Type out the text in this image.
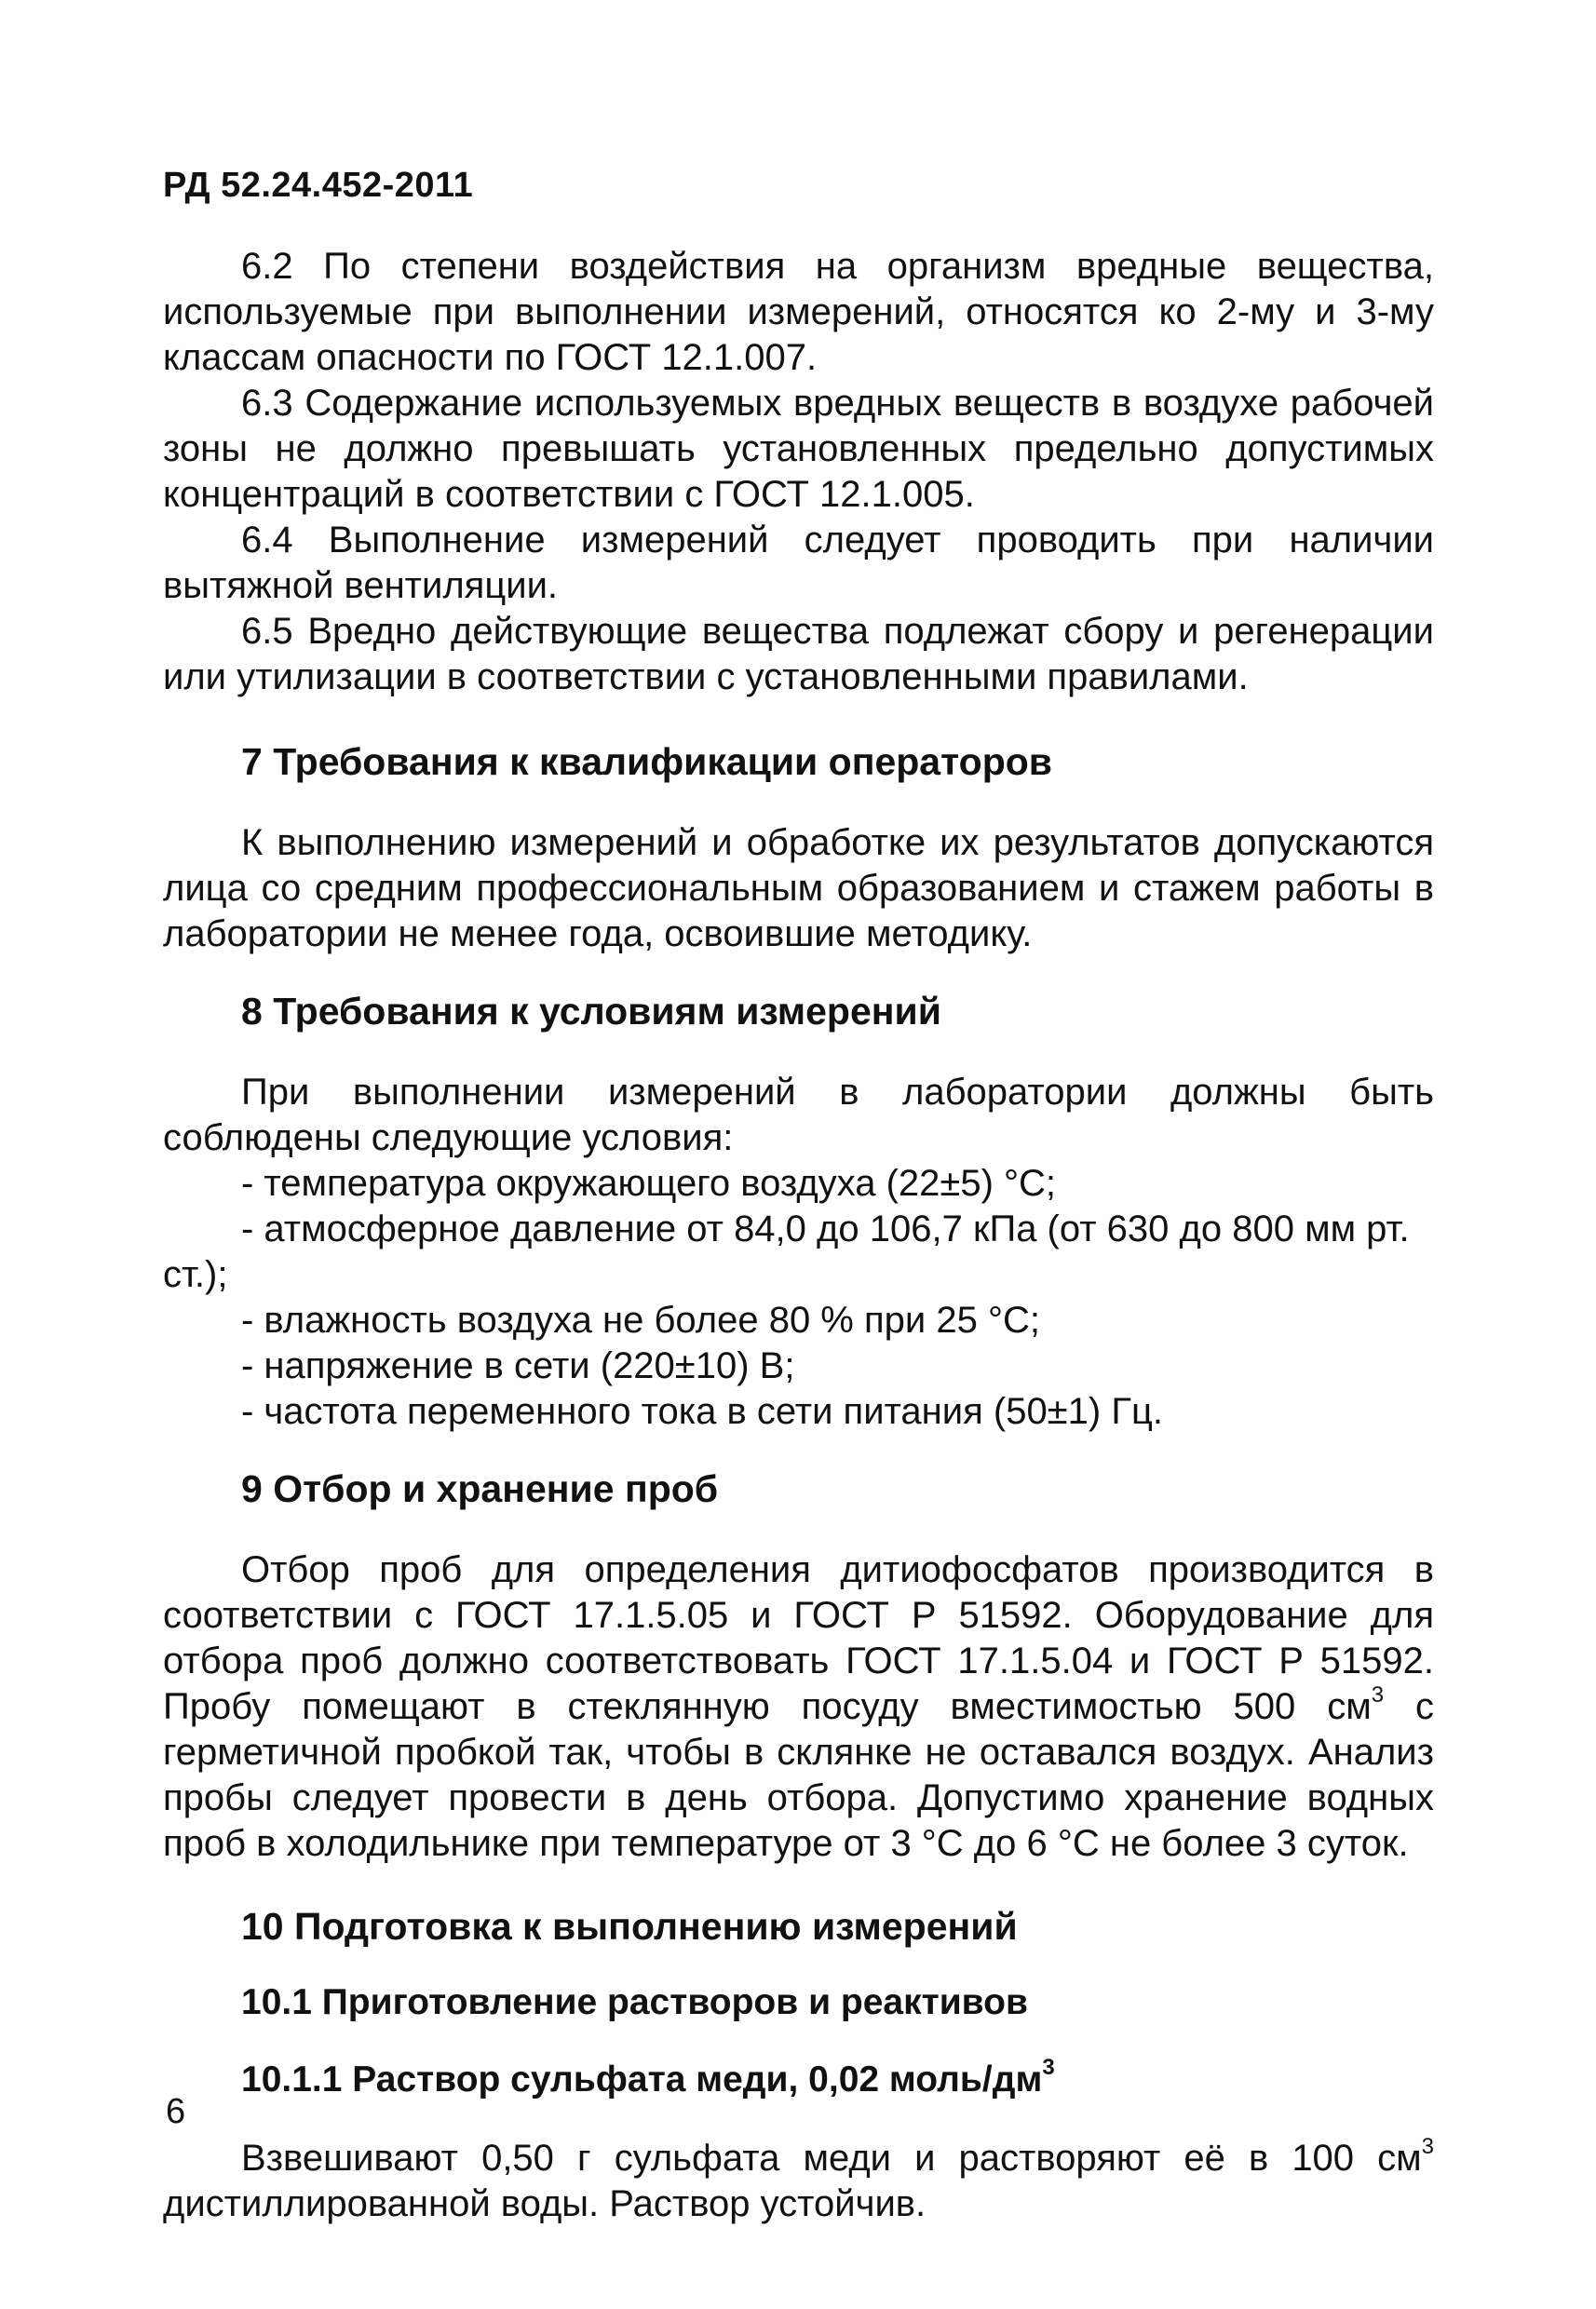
РД 52.24.452-2011

6.2 По степени воздействия на организм вредные вещества, используемые при выполнении измерений, относятся ко 2-му и 3-му классам опасности по ГОСТ 12.1.007.

6.3 Содержание используемых вредных веществ в воздухе рабочей зоны не должно превышать установленных предельно допустимых концентраций в соответствии с ГОСТ 12.1.005.

6.4 Выполнение измерений следует проводить при наличии вытяжной вентиляции.

6.5 Вредно действующие вещества подлежат сбору и регенерации или утилизации в соответствии с установленными правилами.

7 Требования к квалификации операторов

К выполнению измерений и обработке их результатов допускаются лица со средним профессиональным образованием и стажем работы в лаборатории не менее года, освоившие методику.

8 Требования к условиям измерений

При выполнении измерений в лаборатории должны быть соблюдены следующие условия:

- температура окружающего воздуха (22±5) °С;

- атмосферное давление от 84,0 до 106,7 кПа (от 630 до 800 мм рт. ст.);

- влажность воздуха не более 80 % при 25 °С;

- напряжение в сети (220±10) В;

- частота переменного тока в сети питания (50±1) Гц.

9 Отбор и хранение проб

Отбор проб для определения дитиофосфатов производится в соответствии с ГОСТ 17.1.5.05 и ГОСТ Р 51592. Оборудование для отбора проб должно соответствовать ГОСТ 17.1.5.04 и ГОСТ Р 51592. Пробу помещают в стеклянную посуду вместимостью 500 $см^3$ с герметичной пробкой так, чтобы в склянке не оставался воздух. Анализ пробы следует провести в день отбора. Допустимо хранение водных проб в холодильнике при температуре от 3 °С до 6 °С не более 3 суток.

10 Подготовка к выполнению измерений
10.1 Приготовление растворов и реактивов
10.1.1 Раствор сульфата меди, 0,02 моль/$дм^3$

Взвешивают 0,50 г сульфата меди и растворяют её в 100 $см^3$ дистиллированной воды. Раствор устойчив.

6
